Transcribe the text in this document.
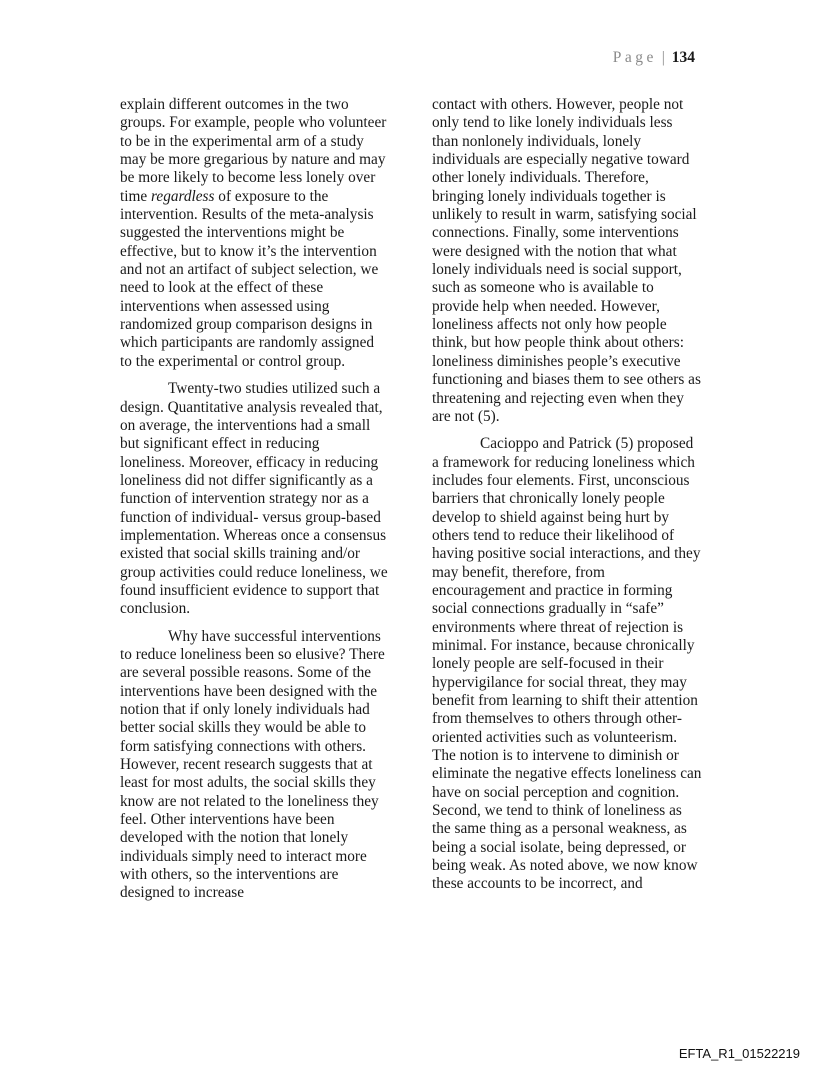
Page | 134

explain different outcomes in the two groups. For example, people who volunteer to be in the experimental arm of a study may be more gregarious by nature and may be more likely to become less lonely over time regardless of exposure to the intervention. Results of the meta-analysis suggested the interventions might be effective, but to know it’s the intervention and not an artifact of subject selection, we need to look at the effect of these interventions when assessed using randomized group comparison designs in which participants are randomly assigned to the experimental or control group.

Twenty-two studies utilized such a design. Quantitative analysis revealed that, on average, the interventions had a small but significant effect in reducing loneliness. Moreover, efficacy in reducing loneliness did not differ significantly as a function of intervention strategy nor as a function of individual- versus group-based implementation. Whereas once a consensus existed that social skills training and/or group activities could reduce loneliness, we found insufficient evidence to support that conclusion.

Why have successful interventions to reduce loneliness been so elusive? There are several possible reasons. Some of the interventions have been designed with the notion that if only lonely individuals had better social skills they would be able to form satisfying connections with others. However, recent research suggests that at least for most adults, the social skills they know are not related to the loneliness they feel. Other interventions have been developed with the notion that lonely individuals simply need to interact more with others, so the interventions are designed to increase

contact with others. However, people not only tend to like lonely individuals less than nonlonely individuals, lonely individuals are especially negative toward other lonely individuals. Therefore, bringing lonely individuals together is unlikely to result in warm, satisfying social connections. Finally, some interventions were designed with the notion that what lonely individuals need is social support, such as someone who is available to provide help when needed. However, loneliness affects not only how people think, but how people think about others: loneliness diminishes people’s executive functioning and biases them to see others as threatening and rejecting even when they are not (5).

Cacioppo and Patrick (5) proposed a framework for reducing loneliness which includes four elements. First, unconscious barriers that chronically lonely people develop to shield against being hurt by others tend to reduce their likelihood of having positive social interactions, and they may benefit, therefore, from encouragement and practice in forming social connections gradually in “safe” environments where threat of rejection is minimal. For instance, because chronically lonely people are self-focused in their hypervigilance for social threat, they may benefit from learning to shift their attention from themselves to others through other-oriented activities such as volunteerism. The notion is to intervene to diminish or eliminate the negative effects loneliness can have on social perception and cognition. Second, we tend to think of loneliness as the same thing as a personal weakness, as being a social isolate, being depressed, or being weak. As noted above, we now know these accounts to be incorrect, and

EFTA_R1_01522219
